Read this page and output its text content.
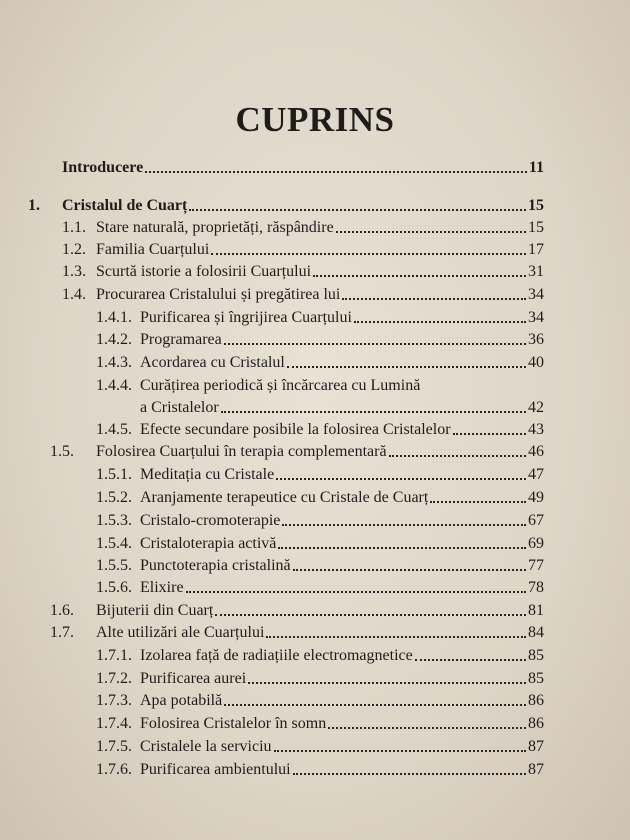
CUPRINS
Introducere	11
1.	Cristalul de Cuarț	15
1.1. Stare naturală, proprietăți, răspândire	15
1.2. Familia Cuarțului	17
1.3. Scurtă istorie a folosirii Cuarțului	31
1.4. Procurarea Cristalului și pregătirea lui	34
1.4.1. Purificarea și îngrijirea Cuarțului	34
1.4.2. Programarea	36
1.4.3. Acordarea cu Cristalul	40
1.4.4. Curățirea periodică și încărcarea cu Lumină
a Cristalelor	42
1.4.5. Efecte secundare posibile la folosirea Cristalelor	43
1.5.	Folosirea Cuarțului în terapia complementară	46
1.5.1. Meditația cu Cristale	47
1.5.2. Aranjamente terapeutice cu Cristale de Cuarț	49
1.5.3. Cristalo-cromoterapie	67
1.5.4. Cristaloterapia activă	69
1.5.5. Punctoterapia cristalină	77
1.5.6. Elixire	78
1.6.	Bijuterii din Cuarț	81
1.7.	Alte utilizări ale Cuarțului	84
1.7.1. Izolarea față de radiațiile electromagnetice	85
1.7.2. Purificarea aurei	85
1.7.3. Apa potabilă	86
1.7.4. Folosirea Cristalelor în somn	86
1.7.5. Cristalele la serviciu	87
1.7.6. Purificarea ambientului	87
